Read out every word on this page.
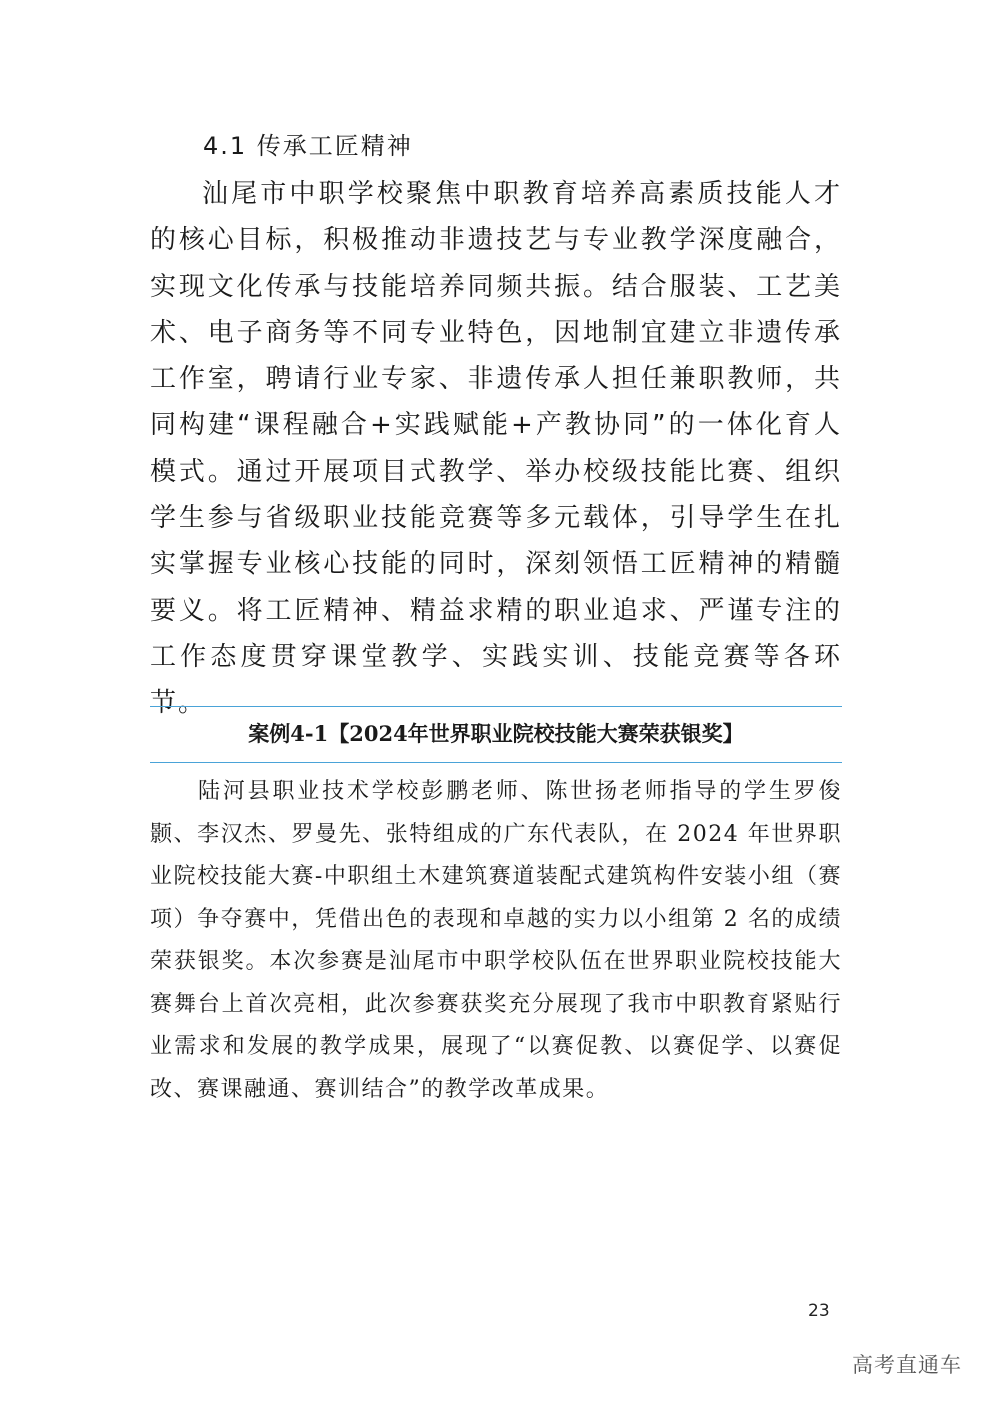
4.1 传承工匠精神

汕尾市中职学校聚焦中职教育培养高素质技能人才的核心目标，积极推动非遗技艺与专业教学深度融合，实现文化传承与技能培养同频共振。结合服装、工艺美术、电子商务等不同专业特色，因地制宜建立非遗传承工作室，聘请行业专家、非遗传承人担任兼职教师，共同构建“课程融合+实践赋能+产教协同”的一体化育人模式。通过开展项目式教学、举办校级技能比赛、组织学生参与省级职业技能竞赛等多元载体，引导学生在扎实掌握专业核心技能的同时，深刻领悟工匠精神的精髓要义。将工匠精神、精益求精的职业追求、严谨专注的工作态度贯穿课堂教学、实践实训、技能竞赛等各环节。

案例4-1【2024年世界职业院校技能大赛荣获银奖】

陆河县职业技术学校彭鹏老师、陈世扬老师指导的学生罗俊颢、李汉杰、罗曼先、张特组成的广东代表队，在 2024 年世界职业院校技能大赛-中职组土木建筑赛道装配式建筑构件安装小组（赛项）争夺赛中，凭借出色的表现和卓越的实力以小组第 2 名的成绩荣获银奖。本次参赛是汕尾市中职学校队伍在世界职业院校技能大赛舞台上首次亮相，此次参赛获奖充分展现了我市中职教育紧贴行业需求和发展的教学成果，展现了“以赛促教、以赛促学、以赛促改、赛课融通、赛训结合”的教学改革成果。

23
高考直通车
